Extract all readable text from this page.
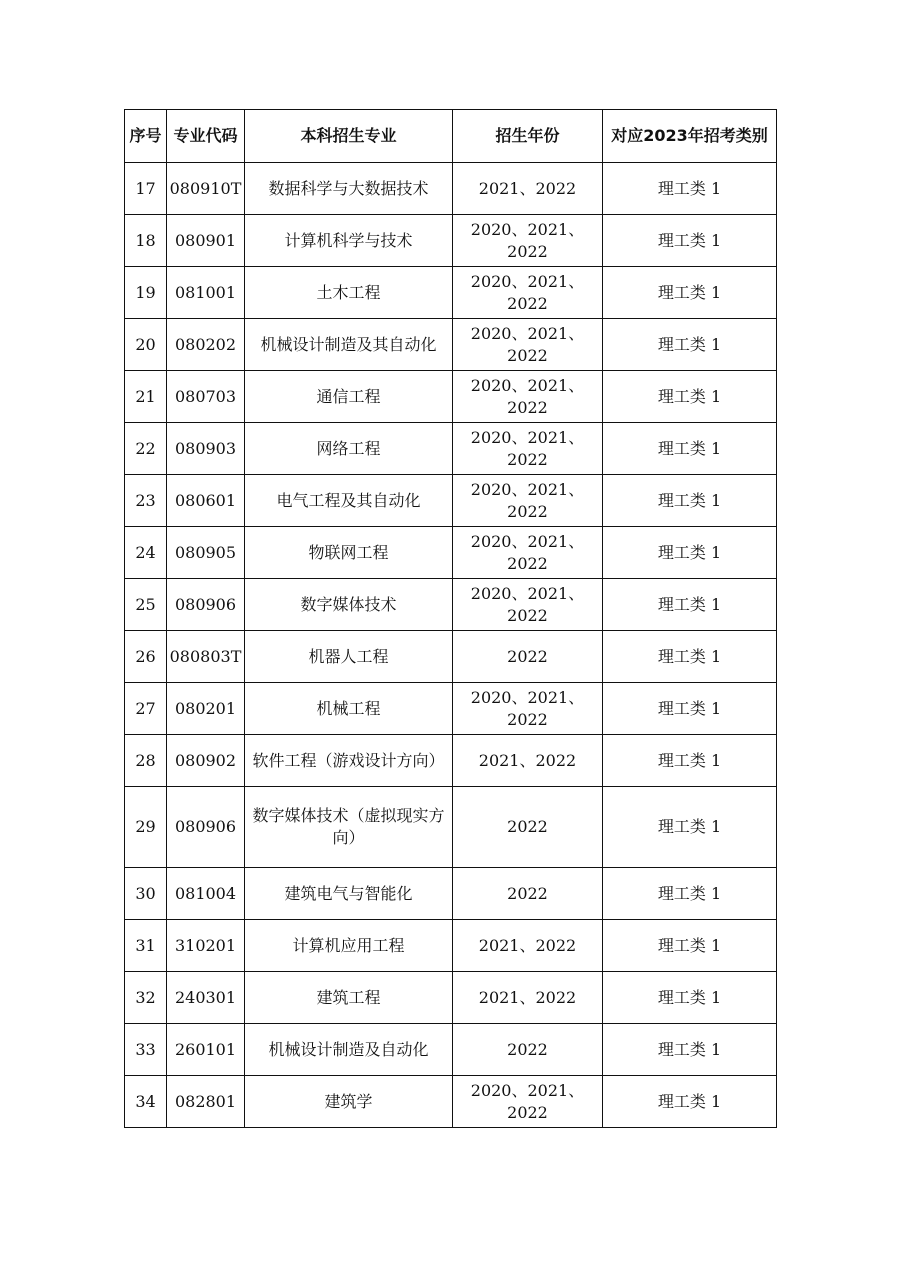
序号	专业代码	本科招生专业	招生年份	对应2023年招考类别
17	080910T	数据科学与大数据技术	2021、2022	理工类 1
18	080901	计算机科学与技术	2020、2021、2022	理工类 1
19	081001	土木工程	2020、2021、2022	理工类 1
20	080202	机械设计制造及其自动化	2020、2021、2022	理工类 1
21	080703	通信工程	2020、2021、2022	理工类 1
22	080903	网络工程	2020、2021、2022	理工类 1
23	080601	电气工程及其自动化	2020、2021、2022	理工类 1
24	080905	物联网工程	2020、2021、2022	理工类 1
25	080906	数字媒体技术	2020、2021、2022	理工类 1
26	080803T	机器人工程	2022	理工类 1
27	080201	机械工程	2020、2021、2022	理工类 1
28	080902	软件工程（游戏设计方向）	2021、2022	理工类 1
29	080906	数字媒体技术（虚拟现实方向）	2022	理工类 1
30	081004	建筑电气与智能化	2022	理工类 1
31	310201	计算机应用工程	2021、2022	理工类 1
32	240301	建筑工程	2021、2022	理工类 1
33	260101	机械设计制造及自动化	2022	理工类 1
34	082801	建筑学	2020、2021、2022	理工类 1
